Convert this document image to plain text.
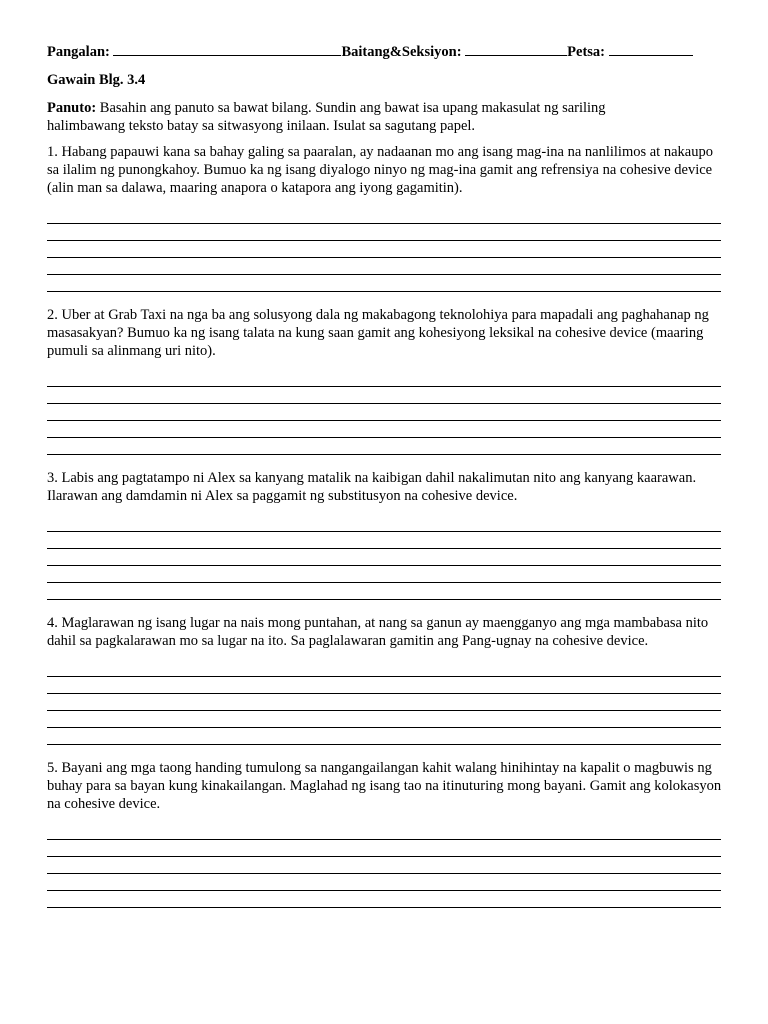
Pangalan:	Baitang&Seksiyon:	Petsa:
Gawain Blg. 3.4

Panuto: Basahin ang panuto sa bawat bilang. Sundin ang bawat isa upang makasulat ng sariling halimbawang teksto batay sa sitwasyong inilaan. Isulat sa sagutang papel.

1. Habang papauwi kana sa bahay galing sa paaralan, ay nadaanan mo ang isang mag-ina na nanlilimos at nakaupo sa ilalim ng punongkahoy. Bumuo ka ng isang diyalogo ninyo ng mag-ina gamit ang refrensiya na cohesive device (alin man sa dalawa, maaring anapora o katapora ang iyong gagamitin).

2. Uber at Grab Taxi na nga ba ang solusyong dala ng makabagong teknolohiya para mapadali ang paghahanap ng masasakyan? Bumuo ka ng isang talata na kung saan gamit ang kohesiyong leksikal na cohesive device (maaring pumuli sa alinmang uri nito).

3. Labis ang pagtatampo ni Alex sa kanyang matalik na kaibigan dahil nakalimutan nito ang kanyang kaarawan. Ilarawan ang damdamin ni Alex sa paggamit ng substitusyon na cohesive device.

4. Maglarawan ng isang lugar na nais mong puntahan, at nang sa ganun ay maengganyo ang mga mambabasa nito dahil sa pagkalarawan mo sa lugar na ito. Sa paglalawaran gamitin ang Pang-ugnay na cohesive device.

5. Bayani ang mga taong handing tumulong sa nangangailangan kahit walang hinihintay na kapalit o magbuwis ng buhay para sa bayan kung kinakailangan. Maglahad ng isang tao na itinuturing mong bayani. Gamit ang kolokasyon na cohesive device.
